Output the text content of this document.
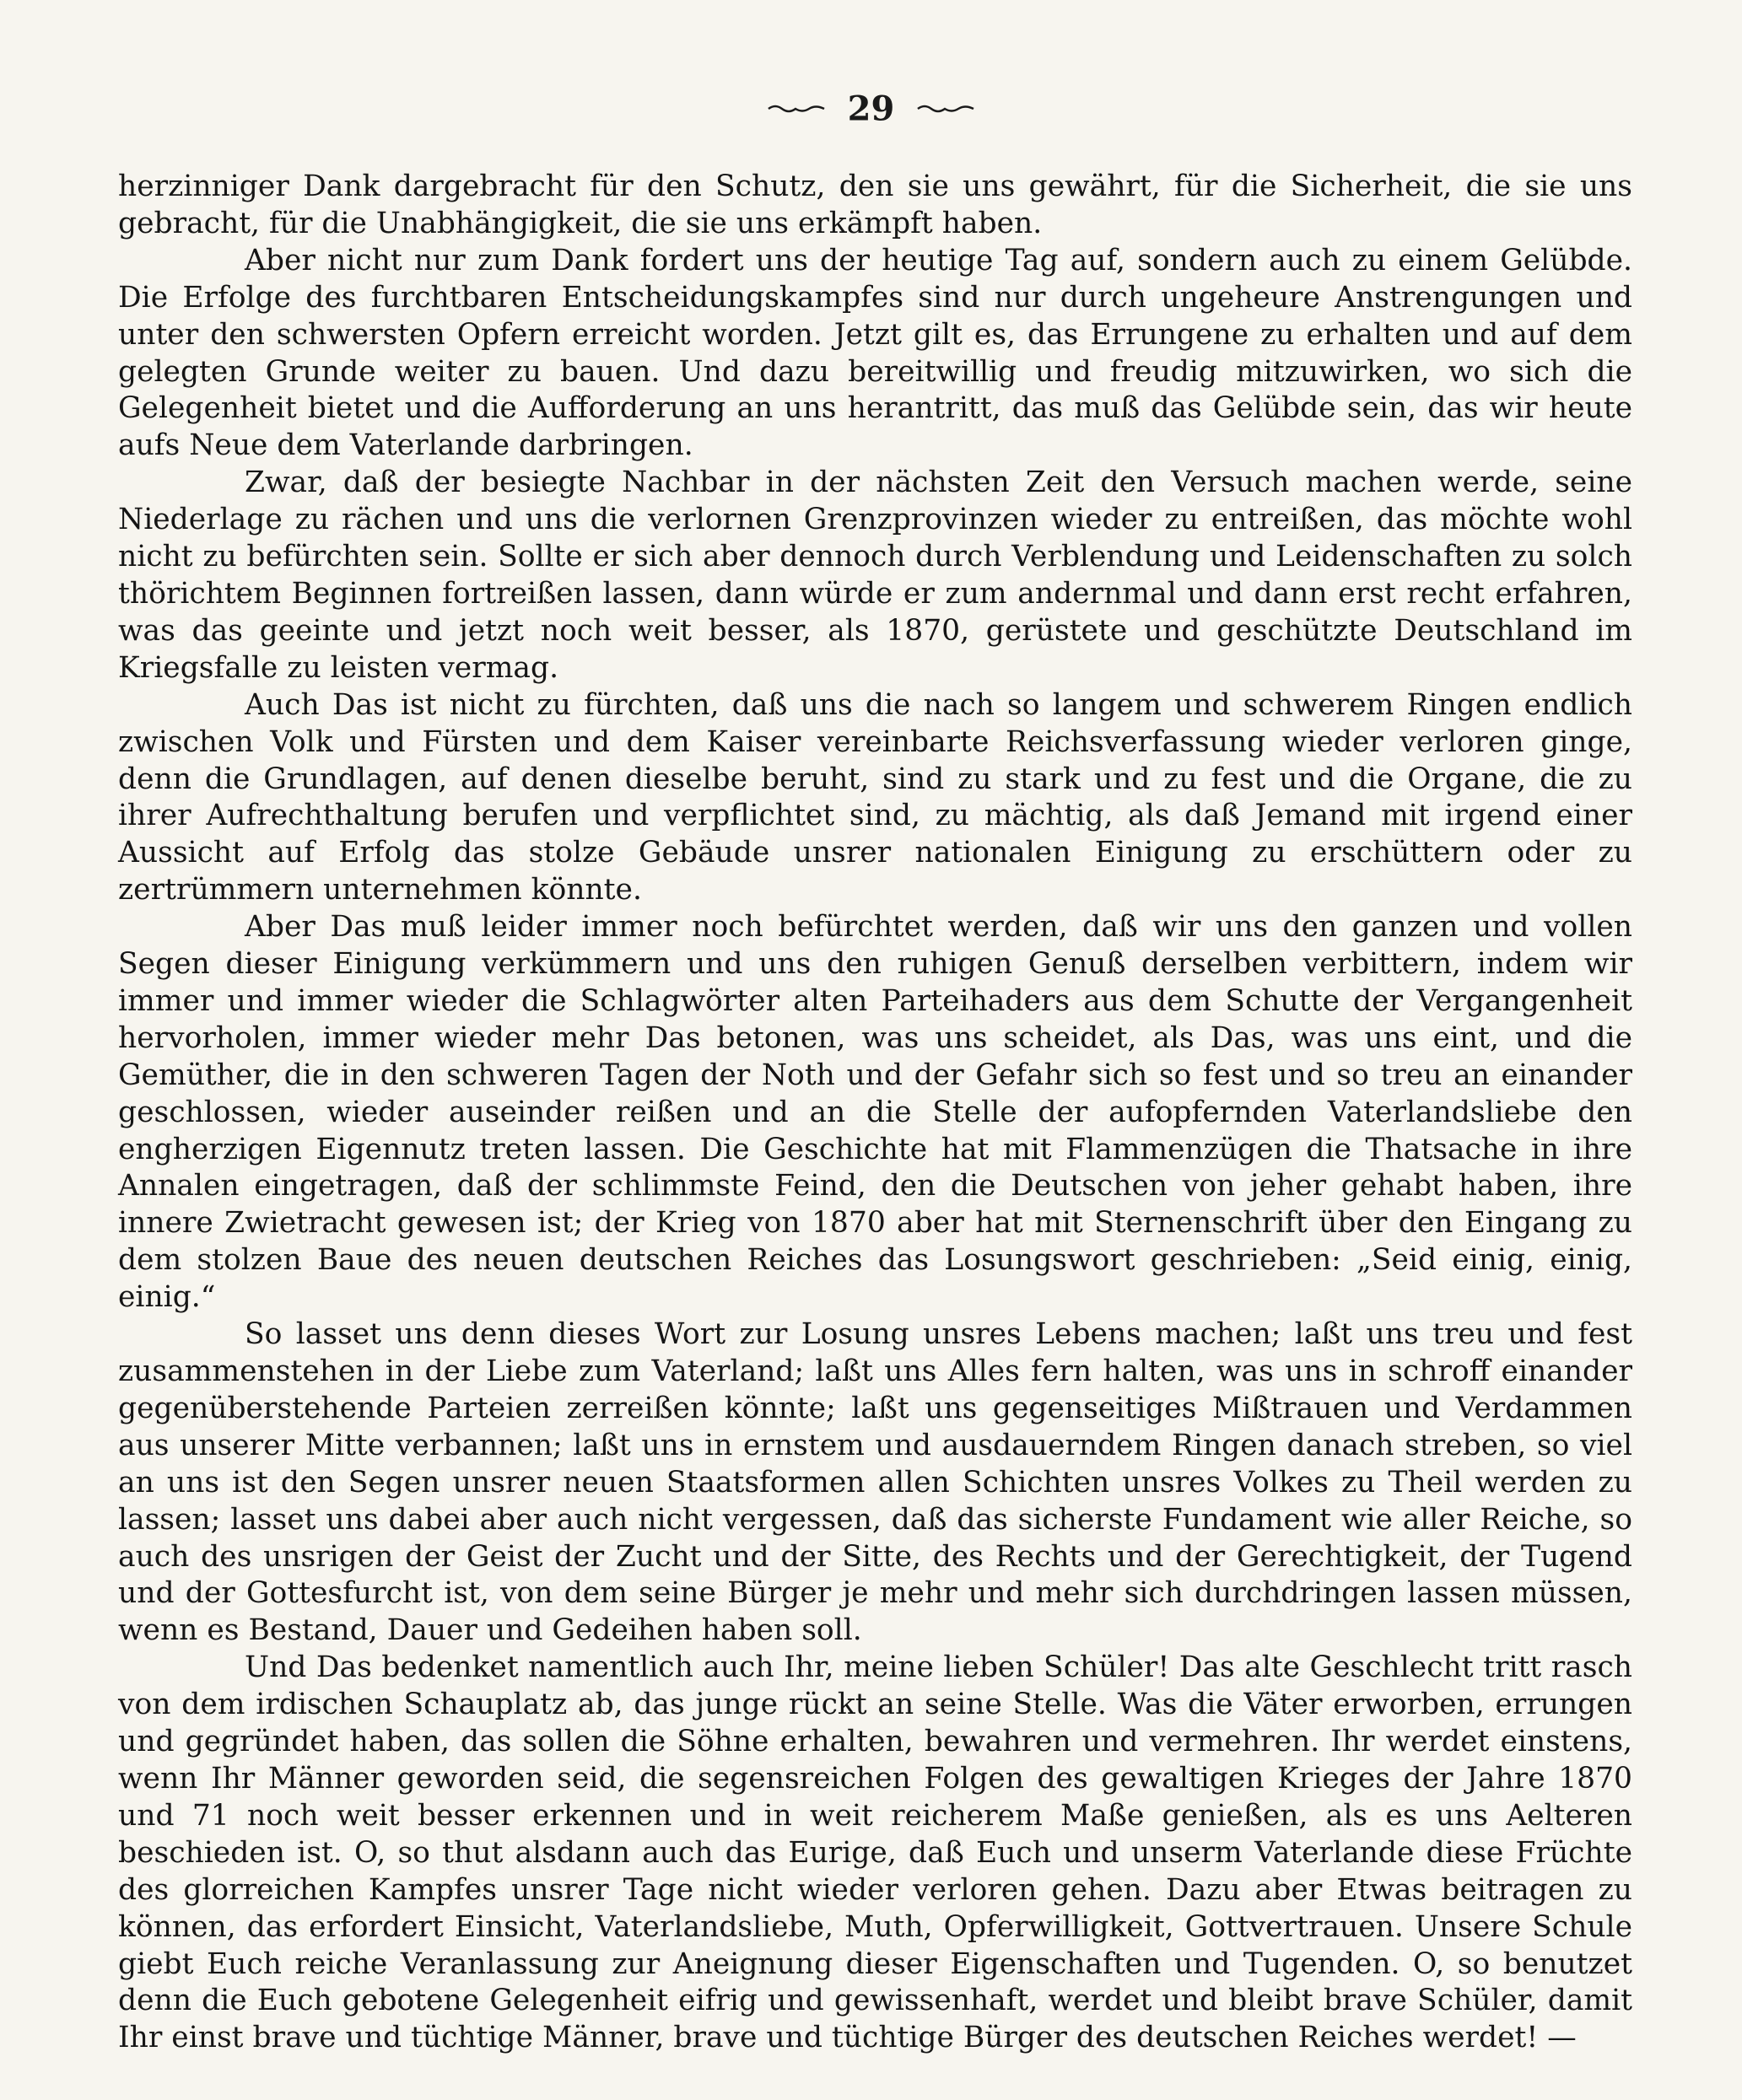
29

herzinniger Dank dargebracht für den Schutz, den sie uns gewährt, für die Sicherheit, die sie uns gebracht, für die Unabhängigkeit, die sie uns erkämpft haben.

Aber nicht nur zum Dank fordert uns der heutige Tag auf, sondern auch zu einem Gelübde. Die Erfolge des furchtbaren Entscheidungskampfes sind nur durch ungeheure Anstrengungen und unter den schwersten Opfern erreicht worden. Jetzt gilt es, das Errungene zu erhalten und auf dem gelegten Grunde weiter zu bauen. Und dazu bereitwillig und freudig mitzuwirken, wo sich die Gelegenheit bietet und die Aufforderung an uns herantritt, das muß das Gelübde sein, das wir heute aufs Neue dem Vaterlande darbringen.

Zwar, daß der besiegte Nachbar in der nächsten Zeit den Versuch machen werde, seine Niederlage zu rächen und uns die verlornen Grenzprovinzen wieder zu entreißen, das möchte wohl nicht zu befürchten sein. Sollte er sich aber dennoch durch Verblendung und Leidenschaften zu solch thörichtem Beginnen fortreißen lassen, dann würde er zum andernmal und dann erst recht erfahren, was das geeinte und jetzt noch weit besser, als 1870, gerüstete und geschützte Deutschland im Kriegsfalle zu leisten vermag.

Auch Das ist nicht zu fürchten, daß uns die nach so langem und schwerem Ringen endlich zwischen Volk und Fürsten und dem Kaiser vereinbarte Reichsverfassung wieder verloren ginge, denn die Grundlagen, auf denen dieselbe beruht, sind zu stark und zu fest und die Organe, die zu ihrer Aufrechthaltung berufen und verpflichtet sind, zu mächtig, als daß Jemand mit irgend einer Aussicht auf Erfolg das stolze Gebäude unsrer nationalen Einigung zu erschüttern oder zu zertrümmern unternehmen könnte.

Aber Das muß leider immer noch befürchtet werden, daß wir uns den ganzen und vollen Segen dieser Einigung verkümmern und uns den ruhigen Genuß derselben verbittern, indem wir immer und immer wieder die Schlagwörter alten Parteihaders aus dem Schutte der Vergangenheit hervorholen, immer wieder mehr Das betonen, was uns scheidet, als Das, was uns eint, und die Gemüther, die in den schweren Tagen der Noth und der Gefahr sich so fest und so treu an einander geschlossen, wieder auseinder reißen und an die Stelle der aufopfernden Vaterlandsliebe den engherzigen Eigennutz treten lassen. Die Geschichte hat mit Flammenzügen die Thatsache in ihre Annalen eingetragen, daß der schlimmste Feind, den die Deutschen von jeher gehabt haben, ihre innere Zwietracht gewesen ist; der Krieg von 1870 aber hat mit Sternenschrift über den Eingang zu dem stolzen Baue des neuen deutschen Reiches das Losungswort geschrieben: „Seid einig, einig, einig.“

So lasset uns denn dieses Wort zur Losung unsres Lebens machen; laßt uns treu und fest zusammenstehen in der Liebe zum Vaterland; laßt uns Alles fern halten, was uns in schroff einander gegenüberstehende Parteien zerreißen könnte; laßt uns gegenseitiges Mißtrauen und Verdammen aus unserer Mitte verbannen; laßt uns in ernstem und ausdauerndem Ringen danach streben, so viel an uns ist den Segen unsrer neuen Staatsformen allen Schichten unsres Volkes zu Theil werden zu lassen; lasset uns dabei aber auch nicht vergessen, daß das sicherste Fundament wie aller Reiche, so auch des unsrigen der Geist der Zucht und der Sitte, des Rechts und der Gerechtigkeit, der Tugend und der Gottesfurcht ist, von dem seine Bürger je mehr und mehr sich durchdringen lassen müssen, wenn es Bestand, Dauer und Gedeihen haben soll.

Und Das bedenket namentlich auch Ihr, meine lieben Schüler! Das alte Geschlecht tritt rasch von dem irdischen Schauplatz ab, das junge rückt an seine Stelle. Was die Väter erworben, errungen und gegründet haben, das sollen die Söhne erhalten, bewahren und vermehren. Ihr werdet einstens, wenn Ihr Männer geworden seid, die segensreichen Folgen des gewaltigen Krieges der Jahre 1870 und 71 noch weit besser erkennen und in weit reicherem Maße genießen, als es uns Aelteren beschieden ist. O, so thut alsdann auch das Eurige, daß Euch und unserm Vaterlande diese Früchte des glorreichen Kampfes unsrer Tage nicht wieder verloren gehen. Dazu aber Etwas beitragen zu können, das erfordert Einsicht, Vaterlandsliebe, Muth, Opferwilligkeit, Gottvertrauen. Unsere Schule giebt Euch reiche Veranlassung zur Aneignung dieser Eigenschaften und Tugenden. O, so benutzet denn die Euch gebotene Gelegenheit eifrig und gewissenhaft, werdet und bleibt brave Schüler, damit Ihr einst brave und tüchtige Männer, brave und tüchtige Bürger des deutschen Reiches werdet! —
